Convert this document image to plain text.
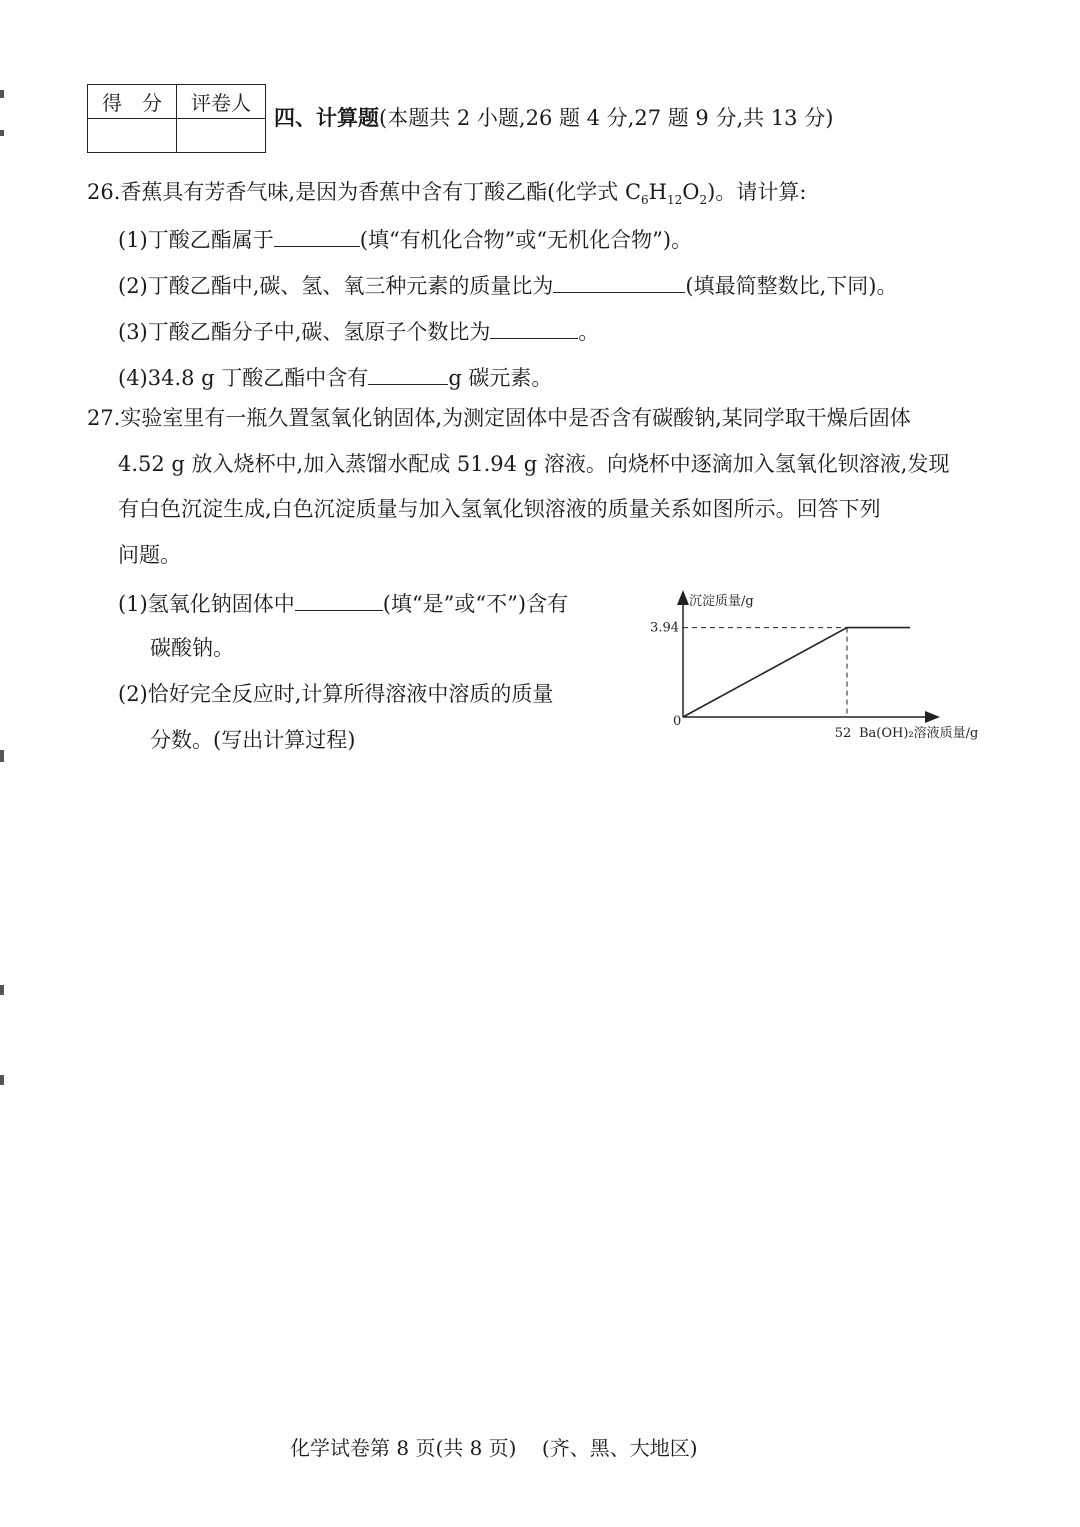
得　分	评卷人

四、计算题(本题共 2 小题,26 题 4 分,27 题 9 分,共 13 分)
26.香蕉具有芳香气味,是因为香蕉中含有丁酸乙酯(化学式 $C_6H_{12}O_2$)。请计算:
(1)丁酸乙酯属于	(填“有机化合物”或“无机化合物”)。
(2)丁酸乙酯中,碳、氢、氧三种元素的质量比为	(填最简整数比,下同)。
(3)丁酸乙酯分子中,碳、氢原子个数比为	。
(4)34.8 g 丁酸乙酯中含有	g 碳元素。
27.实验室里有一瓶久置氢氧化钠固体,为测定固体中是否含有碳酸钠,某同学取干燥后固体
4.52 g 放入烧杯中,加入蒸馏水配成 51.94 g 溶液。向烧杯中逐滴加入氢氧化钡溶液,发现
有白色沉淀生成,白色沉淀质量与加入氢氧化钡溶液的质量关系如图所示。回答下列
问题。
(1)氢氧化钠固体中	(填“是”或“不”)含有
碳酸钠。
(2)恰好完全反应时,计算所得溶液中溶质的质量
分数。(写出计算过程)
沉淀质量/g
Ba(OH)₂溶液质量/g
0
3.94
52
化学试卷第 8 页(共 8 页) (齐、黑、大地区)
